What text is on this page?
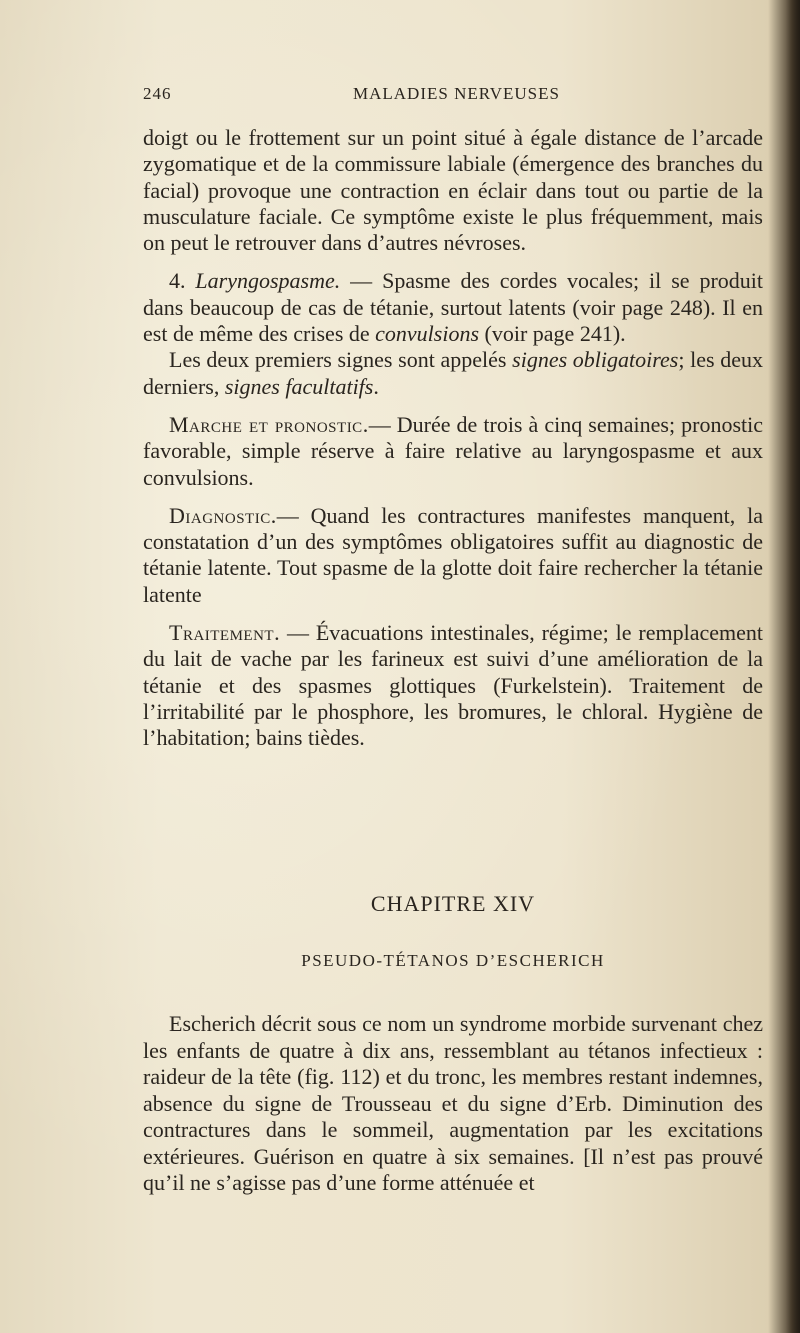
246	MALADIES NERVEUSES

doigt ou le frottement sur un point situé à égale distance de l’arcade zygomatique et de la commissure labiale (émergence des branches du facial) provoque une contraction en éclair dans tout ou partie de la musculature faciale. Ce symptôme existe le plus fréquemment, mais on peut le retrouver dans d’autres névroses.

4. Laryngospasme. — Spasme des cordes vocales; il se produit dans beaucoup de cas de tétanie, surtout latents (voir page 248). Il en est de même des crises de convulsions (voir page 241).

Les deux premiers signes sont appelés signes obligatoires; les deux derniers, signes facultatifs.

Marche et pronostic.— Durée de trois à cinq semaines; pronostic favorable, simple réserve à faire relative au laryngospasme et aux convulsions.

Diagnostic.— Quand les contractures manifestes manquent, la constatation d’un des symptômes obligatoires suffit au diagnostic de tétanie latente. Tout spasme de la glotte doit faire rechercher la tétanie latente

Traitement. — Évacuations intestinales, régime; le remplacement du lait de vache par les farineux est suivi d’une amélioration de la tétanie et des spasmes glottiques (Furkelstein). Traitement de l’irritabilité par le phosphore, les bromures, le chloral. Hygiène de l’habitation; bains tièdes.

CHAPITRE XIV
PSEUDO-TÉTANOS D’ESCHERICH

Escherich décrit sous ce nom un syndrome morbide survenant chez les enfants de quatre à dix ans, ressemblant au tétanos infectieux : raideur de la tête (fig. 112) et du tronc, les membres restant indemnes, absence du signe de Trousseau et du signe d’Erb. Diminution des contractures dans le sommeil, augmentation par les excitations extérieures. Guérison en quatre à six semaines. [Il n’est pas prouvé qu’il ne s’agisse pas d’une forme atténuée et
